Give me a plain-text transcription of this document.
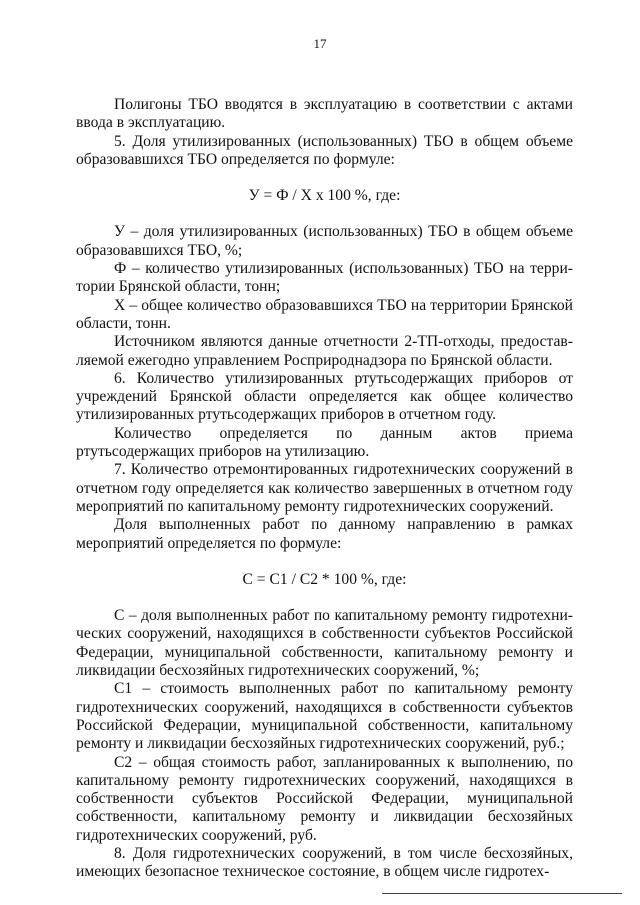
17

Полигоны ТБО вводятся в эксплуатацию в соответствии с актами ввода в эксплуатацию.

5. Доля утилизированных (использованных) ТБО в общем объеме образовавшихся ТБО определяется по формуле:

У = Ф / Х х 100 %, где:

У – доля утилизированных (использованных) ТБО в общем объеме образовавшихся ТБО, %;

Ф – количество утилизированных (использованных) ТБО на территории Брянской области, тонн;

Х – общее количество образовавшихся ТБО на территории Брянской области, тонн.

Источником являются данные отчетности 2-ТП-отходы, предоставляемой ежегодно управлением Росприроднадзора по Брянской области.

6. Количество утилизированных ртутьсодержащих приборов от учреждений Брянской области определяется как общее количество утилизированных ртутьсодержащих приборов в отчетном году.

Количество определяется по данным актов приема ртутьсодержащих приборов на утилизацию.

7. Количество отремонтированных гидротехнических сооружений в отчетном году определяется как количество завершенных в отчетном году мероприятий по капитальному ремонту гидротехнических сооружений.

Доля выполненных работ по данному направлению в рамках мероприятий определяется по формуле:

С = С1 / С2 * 100 %, где:

С – доля выполненных работ по капитальному ремонту гидротехнических сооружений, находящихся в собственности субъектов Российской Федерации, муниципальной собственности, капитальному ремонту и ликвидации бесхозяйных гидротехнических сооружений, %;

С1 – стоимость выполненных работ по капитальному ремонту гидротехнических сооружений, находящихся в собственности субъектов Российской Федерации, муниципальной собственности, капитальному ремонту и ликвидации бесхозяйных гидротехнических сооружений, руб.;

С2 – общая стоимость работ, запланированных к выполнению, по капитальному ремонту гидротехнических сооружений, находящихся в собственности субъектов Российской Федерации, муниципальной собственности, капитальному ремонту и ликвидации бесхозяйных гидротехнических сооружений, руб.

8. Доля гидротехнических сооружений, в том числе бесхозяйных, имеющих безопасное техническое состояние, в общем числе гидротех-
